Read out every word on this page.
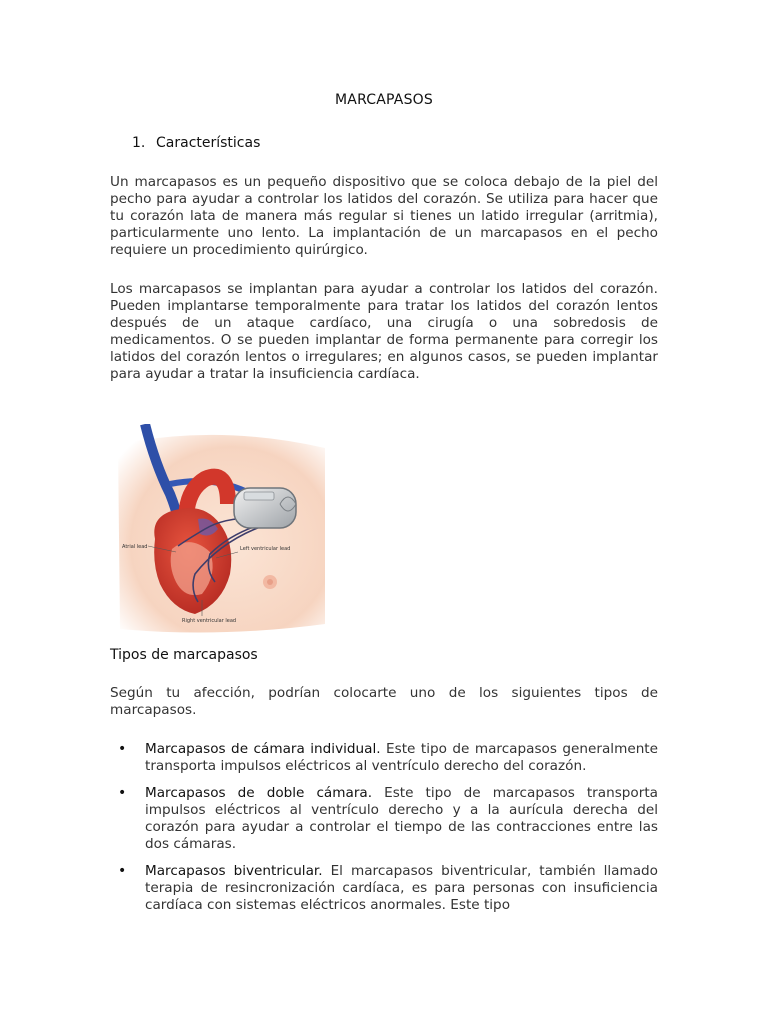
MARCAPASOS
1. Características

Un marcapasos es un pequeño dispositivo que se coloca debajo de la piel del pecho para ayudar a controlar los latidos del corazón. Se utiliza para hacer que tu corazón lata de manera más regular si tienes un latido irregular (arritmia), particularmente uno lento. La implantación de un marcapasos en el pecho requiere un procedimiento quirúrgico.

Los marcapasos se implantan para ayudar a controlar los latidos del corazón. Pueden implantarse temporalmente para tratar los latidos del corazón lentos después de un ataque cardíaco, una cirugía o una sobredosis de medicamentos. O se pueden implantar de forma permanente para corregir los latidos del corazón lentos o irregulares; en algunos casos, se pueden implantar para ayudar a tratar la insuficiencia cardíaca.

Atrial lead	Left ventricular lead
Right ventricular lead
Tipos de marcapasos

Según tu afección, podrían colocarte uno de los siguientes tipos de marcapasos.

• Marcapasos de cámara individual. Este tipo de marcapasos generalmente transporta impulsos eléctricos al ventrículo derecho del corazón.
• Marcapasos de doble cámara. Este tipo de marcapasos transporta impulsos eléctricos al ventrículo derecho y a la aurícula derecha del corazón para ayudar a controlar el tiempo de las contracciones entre las dos cámaras.
• Marcapasos biventricular. El marcapasos biventricular, también llamado terapia de resincronización cardíaca, es para personas con insuficiencia cardíaca con sistemas eléctricos anormales. Este tipo
